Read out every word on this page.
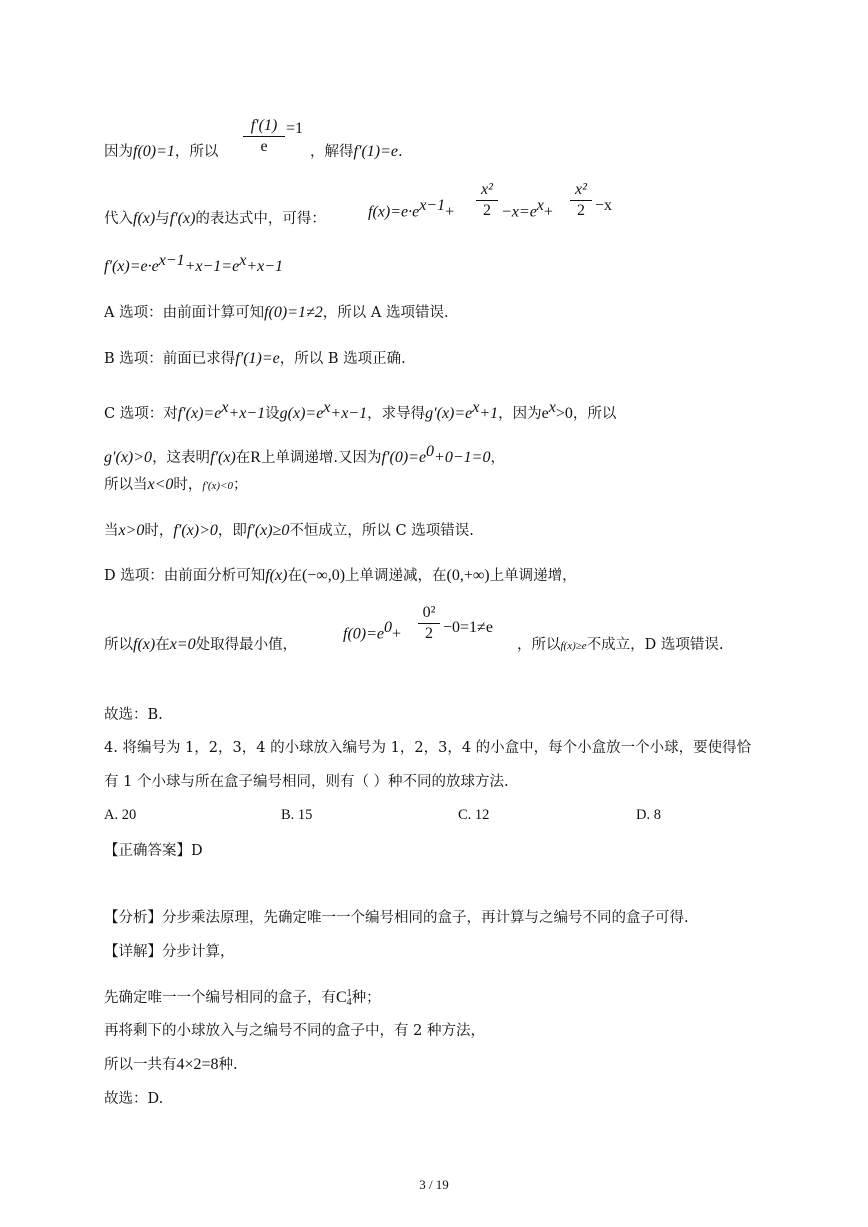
因为f(0)=1，所以
f′(1)
e
=1
，解得f′(1)=e.
代入f(x)与f′(x)的表达式中，可得：	$f(x)=e\cdot e^{x-1}+$
x²
$2 -x=e^x+$
x²
2 −x
$f'(x)=e\cdot e^{x-1}+x-1=e^x+x-1$
A 选项：由前面计算可知f(0)=1≠2，所以 A 选项错误.
B 选项：前面已求得f′(1)=e，所以 B 选项正确.
C 选项：对$f'(x)=e^x+x-1$设$g(x)=e^x+x-1$，求导得$g'(x)=e^x+1$，因为$e^x>0$，所以
g′(x)>0，这表明f′(x)在R上单调递增.又因为$f'(0)=e^0+0-1=0$，
所以当x<0时，f′(x)<0；
当x>0时，f′(x)>0，即f′(x)≥0不恒成立，所以 C 选项错误.
D 选项：由前面分析可知f(x)在(−∞,0)上单调递减，在(0,+∞)上单调递增，
所以f(x)在x=0处取得最小值，
$f(0)=e^0+$
0²
2 −0=1≠e
，所以f(x)≥e不成立，D 选项错误.
故选：B.
4. 将编号为 1，2，3，4 的小球放入编号为 1，2，3，4 的小盒中，每个小盒放一个小球，要使得恰
有 1 个小球与所在盒子编号相同，则有（ ）种不同的放球方法.
A. 20	B. 15	C. 12	D. 8
【正确答案】D
【分析】分步乘法原理，先确定唯一一个编号相同的盒子，再计算与之编号不同的盒子可得.
【详解】分步计算，
先确定唯一一个编号相同的盒子，有C 1
4 种；
再将剩下的小球放入与之编号不同的盒子中，有 2 种方法，
所以一共有4×2=8种.
故选：D.
3 / 19
